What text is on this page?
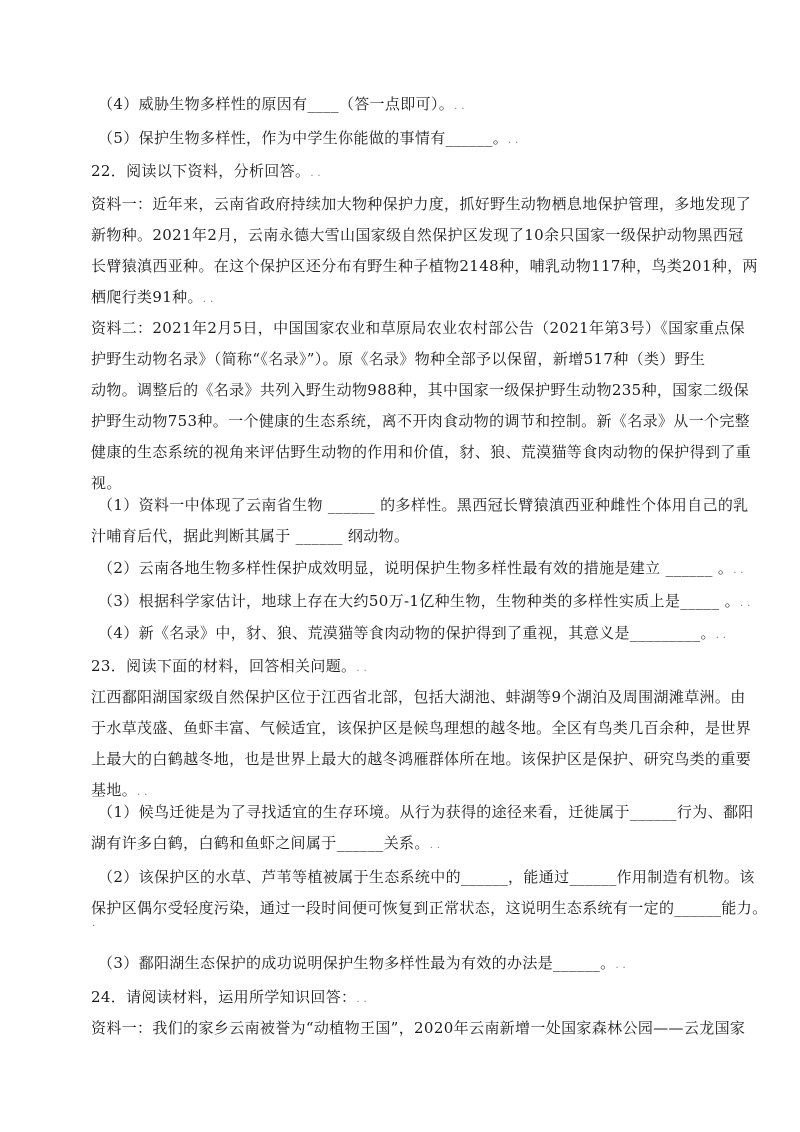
（4）威胁生物多样性的原因有____（答一点即可）。. .
（5）保护生物多样性，作为中学生你能做的事情有______。. .
22．阅读以下资料，分析回答。. .
资料一：近年来，云南省政府持续加大物种保护力度，抓好野生动物栖息地保护管理，多地发现了
新物种。2021年2月，云南永德大雪山国家级自然保护区发现了10余只国家一级保护动物黑西冠
长臂猿滇西亚种。在这个保护区还分布有野生种子植物2148种，哺乳动物117种，鸟类201种，两
栖爬行类91种。. .
资料二：2021年2月5日，中国国家农业和草原局农业农村部公告（2021年第3号）《国家重点保
护野生动物名录》（简称“《名录》”）。原《名录》物种全部予以保留，新增517种（类）野生
动物。调整后的《名录》共列入野生动物988种，其中国家一级保护野生动物235种，国家二级保
护野生动物753种。一个健康的生态系统，离不开肉食动物的调节和控制。新《名录》从一个完整
健康的生态系统的视角来评估野生动物的作用和价值，豺、狼、荒漠猫等食肉动物的保护得到了重
视。
（1）资料一中体现了云南省生物 ______ 的多样性。黑西冠长臂猿滇西亚种雌性个体用自己的乳
汁哺育后代，据此判断其属于 ______ 纲动物。
（2）云南各地生物多样性保护成效明显，说明保护生物多样性最有效的措施是建立 ______ 。. .
（3）根据科学家估计，地球上存在大约50万-1亿种生物，生物种类的多样性实质上是_____ 。. .
（4）新《名录》中，豺、狼、荒漠猫等食肉动物的保护得到了重视，其意义是_________。. .
23．阅读下面的材料，回答相关问题。. .
江西鄱阳湖国家级自然保护区位于江西省北部，包括大湖池、蚌湖等9个湖泊及周围湖滩草洲。由
于水草茂盛、鱼虾丰富、气候适宜，该保护区是候鸟理想的越冬地。全区有鸟类几百余种，是世界
上最大的白鹤越冬地，也是世界上最大的越冬鸿雁群体所在地。该保护区是保护、研究鸟类的重要
基地。. .
（1）候鸟迁徙是为了寻找适宜的生存环境。从行为获得的途径来看，迁徙属于______行为、鄱阳
湖有许多白鹤，白鹤和鱼虾之间属于______关系。. .
（2）该保护区的水草、芦苇等植被属于生态系统中的______，能通过______作用制造有机物。该
保护区偶尔受轻度污染，通过一段时间便可恢复到正常状态，这说明生态系统有一定的______能力。
.
（3）鄱阳湖生态保护的成功说明保护生物多样性最为有效的办法是______。. .
24．请阅读材料，运用所学知识回答：. .
资料一：我们的家乡云南被誉为“动植物王国”，2020年云南新增一处国家森林公园——云龙国家
